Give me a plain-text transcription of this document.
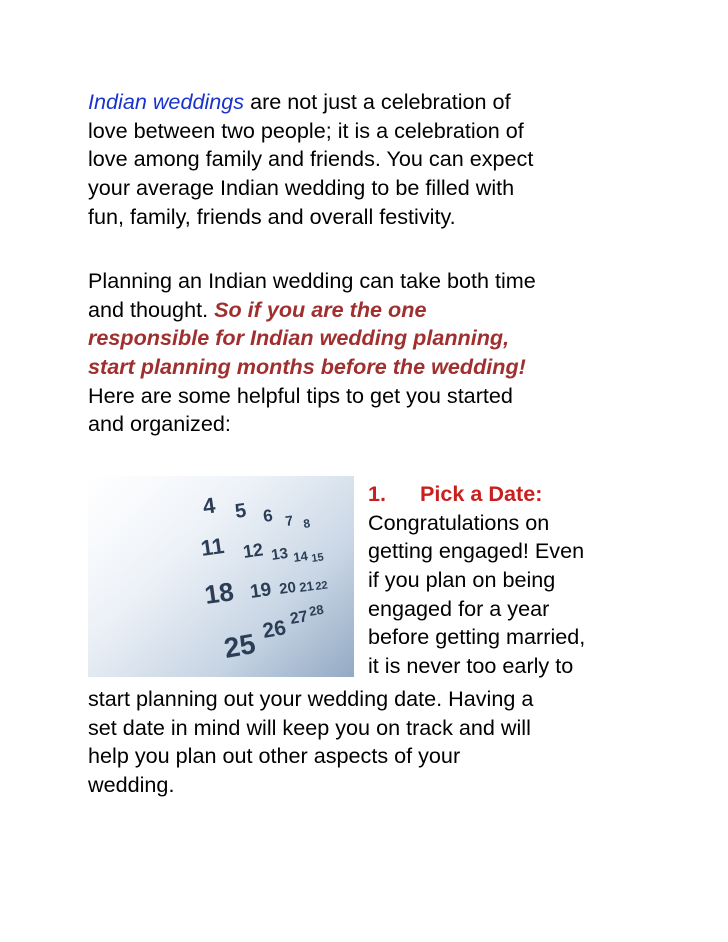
Indian weddings are not just a celebration of
love between two people; it is a celebration of
love among family and friends. You can expect
your average Indian wedding to be filled with
fun, family, friends and overall festivity.
Planning an Indian wedding can take both time
and thought. So if you are the one
responsible for Indian wedding planning,
start planning months before the wedding!
Here are some helpful tips to get you started
and organized:
4 5 6 7 8
11 12 13 14 15
18 19 20 21 22
25 26 27
28
1. Pick a Date:
Congratulations on
getting engaged! Even
if you plan on being
engaged for a year
before getting married,
it is never too early to
start planning out your wedding date. Having a
set date in mind will keep you on track and will
help you plan out other aspects of your
wedding.
